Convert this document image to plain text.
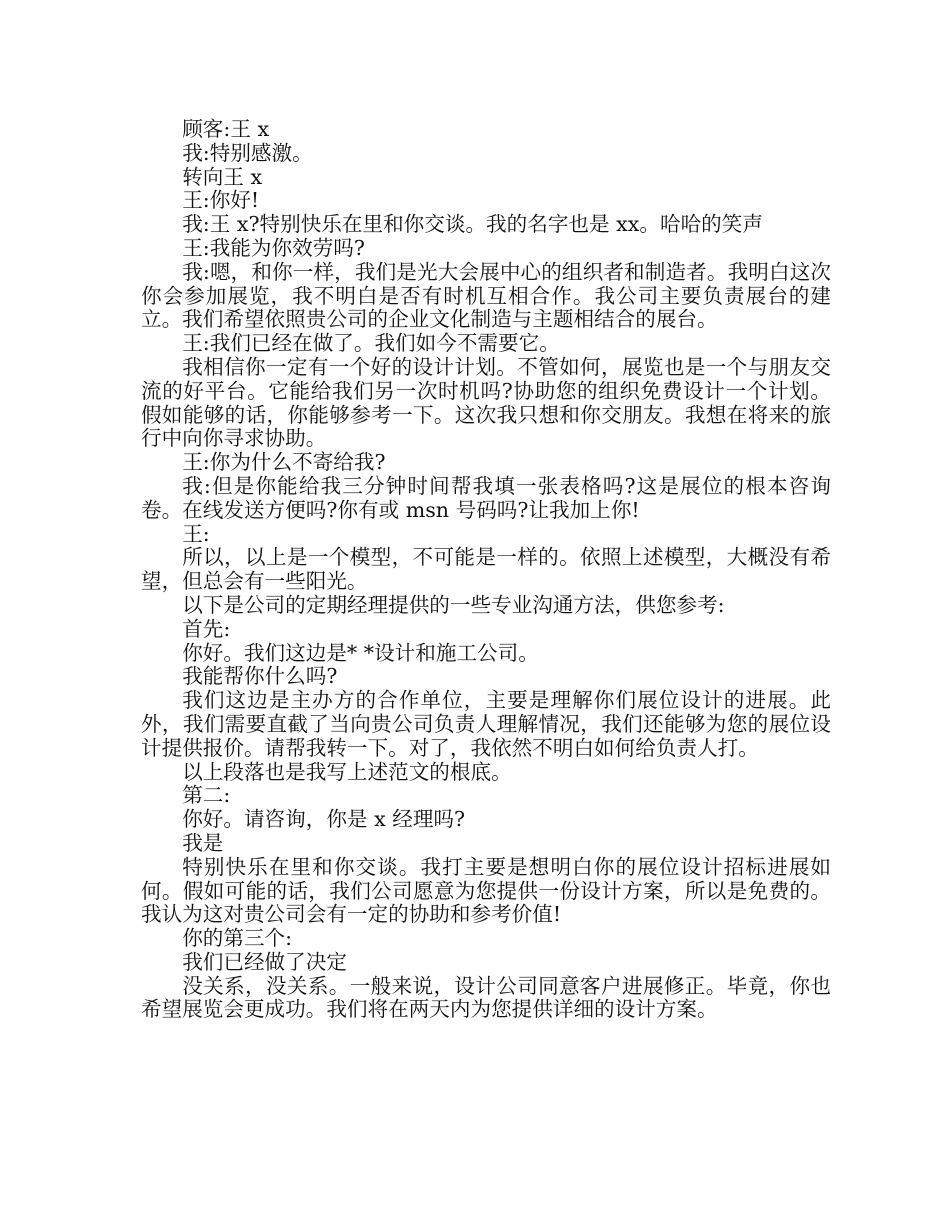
顾客:王 x

我:特别感激。

转向王 x

王:你好!

我:王 x?特别快乐在里和你交谈。我的名字也是 xx。哈哈的笑声

王:我能为你效劳吗?

我:嗯，和你一样，我们是光大会展中心的组织者和制造者。我明白这次你会参加展览，我不明白是否有时机互相合作。我公司主要负责展台的建立。我们希望依照贵公司的企业文化制造与主题相结合的展台。

王:我们已经在做了。我们如今不需要它。

我相信你一定有一个好的设计计划。不管如何，展览也是一个与朋友交流的好平台。它能给我们另一次时机吗?协助您的组织免费设计一个计划。假如能够的话，你能够参考一下。这次我只想和你交朋友。我想在将来的旅行中向你寻求协助。

王:你为什么不寄给我?

我:但是你能给我三分钟时间帮我填一张表格吗?这是展位的根本咨询卷。在线发送方便吗?你有或 msn 号码吗?让我加上你!

王:

所以，以上是一个模型，不可能是一样的。依照上述模型，大概没有希望，但总会有一些阳光。

以下是公司的定期经理提供的一些专业沟通方法，供您参考:

首先:

你好。我们这边是* *设计和施工公司。

我能帮你什么吗?

我们这边是主办方的合作单位，主要是理解你们展位设计的进展。此外，我们需要直截了当向贵公司负责人理解情况，我们还能够为您的展位设计提供报价。请帮我转一下。对了，我依然不明白如何给负责人打。

以上段落也是我写上述范文的根底。

第二:

你好。请咨询，你是 x 经理吗?

我是

特别快乐在里和你交谈。我打主要是想明白你的展位设计招标进展如何。假如可能的话，我们公司愿意为您提供一份设计方案，所以是免费的。我认为这对贵公司会有一定的协助和参考价值!

你的第三个:

我们已经做了决定

没关系，没关系。一般来说，设计公司同意客户进展修正。毕竟，你也希望展览会更成功。我们将在两天内为您提供详细的设计方案。
